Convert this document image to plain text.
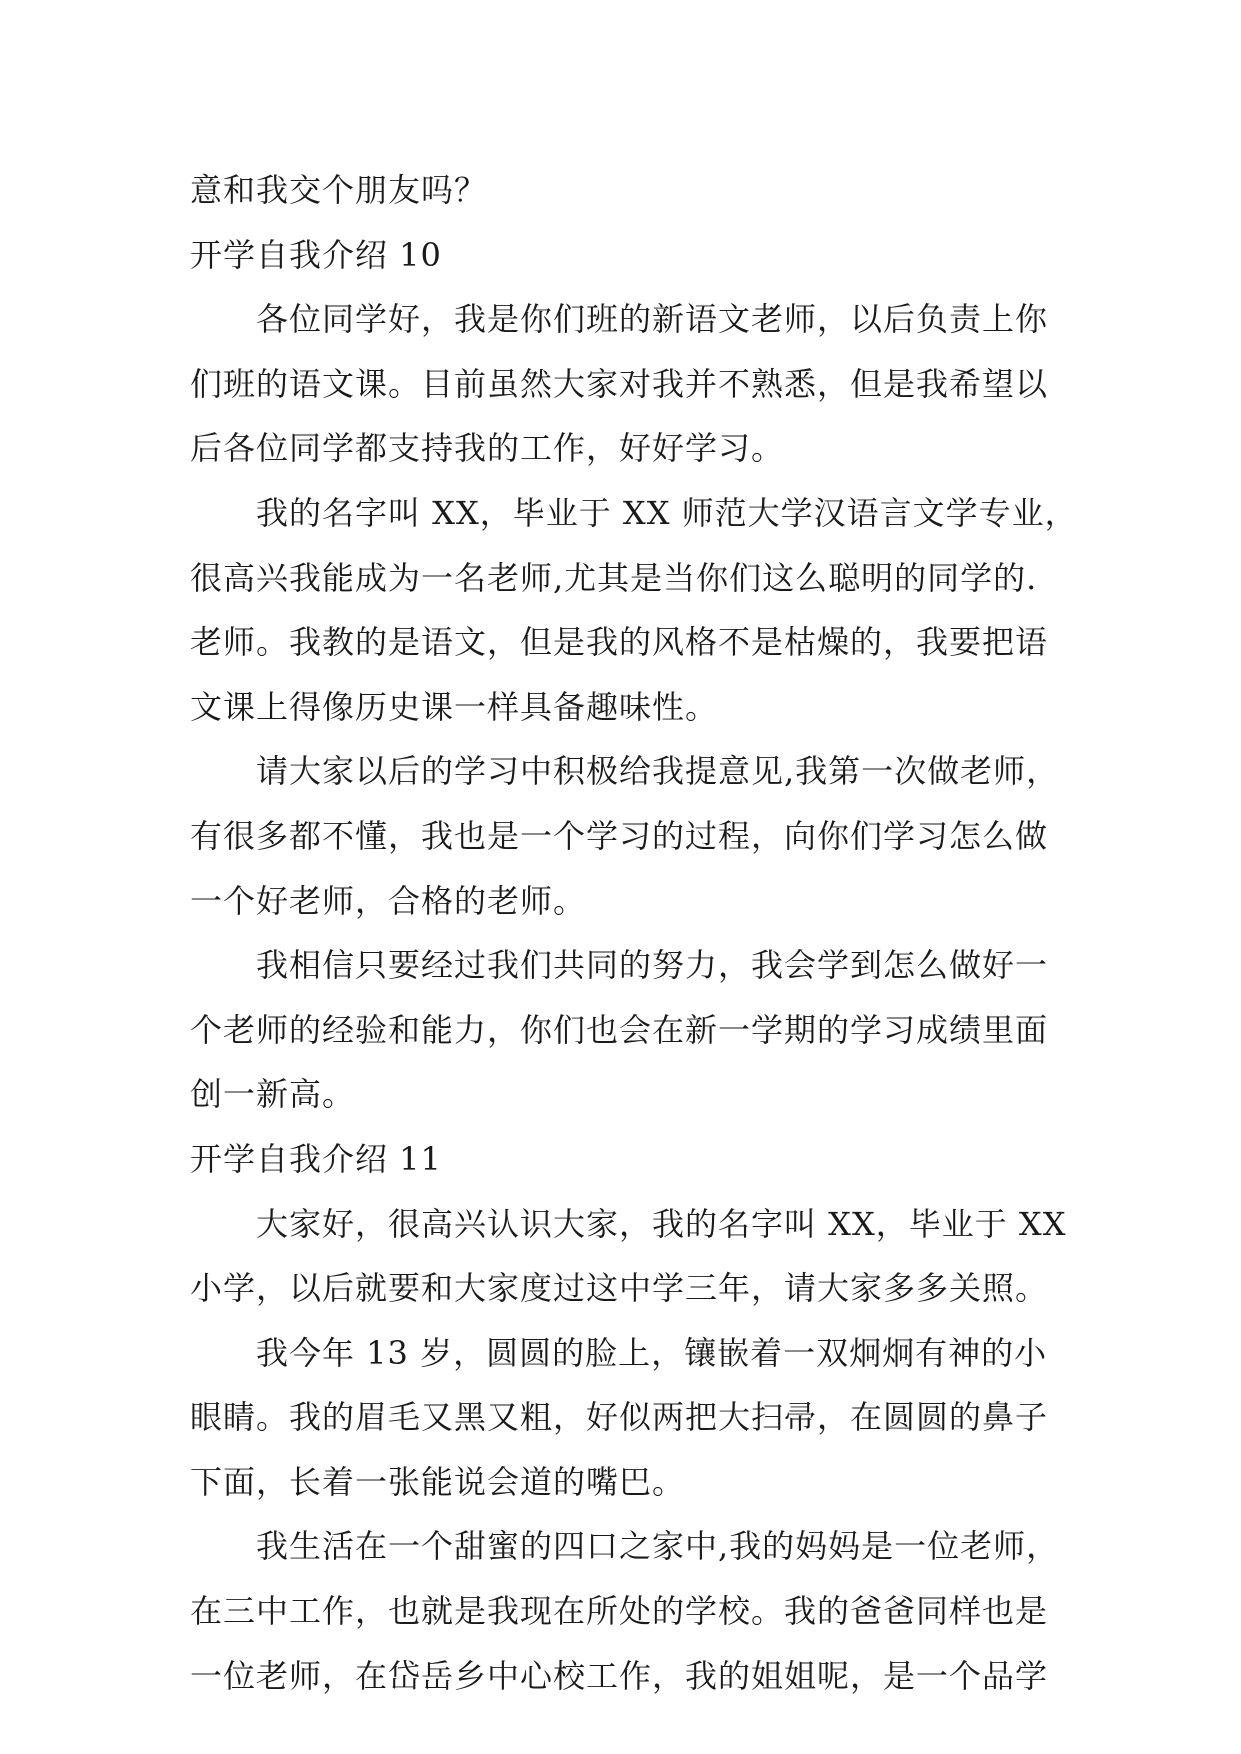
意和我交个朋友吗？
开学自我介绍 10
各位同学好，我是你们班的新语文老师，以后负责上你
们班的语文课。目前虽然大家对我并不熟悉，但是我希望以
后各位同学都支持我的工作，好好学习。
我的名字叫 XX，毕业于 XX 师范大学汉语言文学专业，
很高兴我能成为一名老师,尤其是当你们这么聪明的同学的.
老师。我教的是语文，但是我的风格不是枯燥的，我要把语
文课上得像历史课一样具备趣味性。
请大家以后的学习中积极给我提意见,我第一次做老师，
有很多都不懂，我也是一个学习的过程，向你们学习怎么做
一个好老师，合格的老师。
我相信只要经过我们共同的努力，我会学到怎么做好一
个老师的经验和能力，你们也会在新一学期的学习成绩里面
创一新高。
开学自我介绍 11
大家好，很高兴认识大家，我的名字叫 XX，毕业于 XX
小学，以后就要和大家度过这中学三年，请大家多多关照。
我今年 13 岁，圆圆的脸上，镶嵌着一双炯炯有神的小
眼睛。我的眉毛又黑又粗，好似两把大扫帚，在圆圆的鼻子
下面，长着一张能说会道的嘴巴。
我生活在一个甜蜜的四口之家中,我的妈妈是一位老师，
在三中工作，也就是我现在所处的学校。我的爸爸同样也是
一位老师，在岱岳乡中心校工作，我的姐姐呢，是一个品学
